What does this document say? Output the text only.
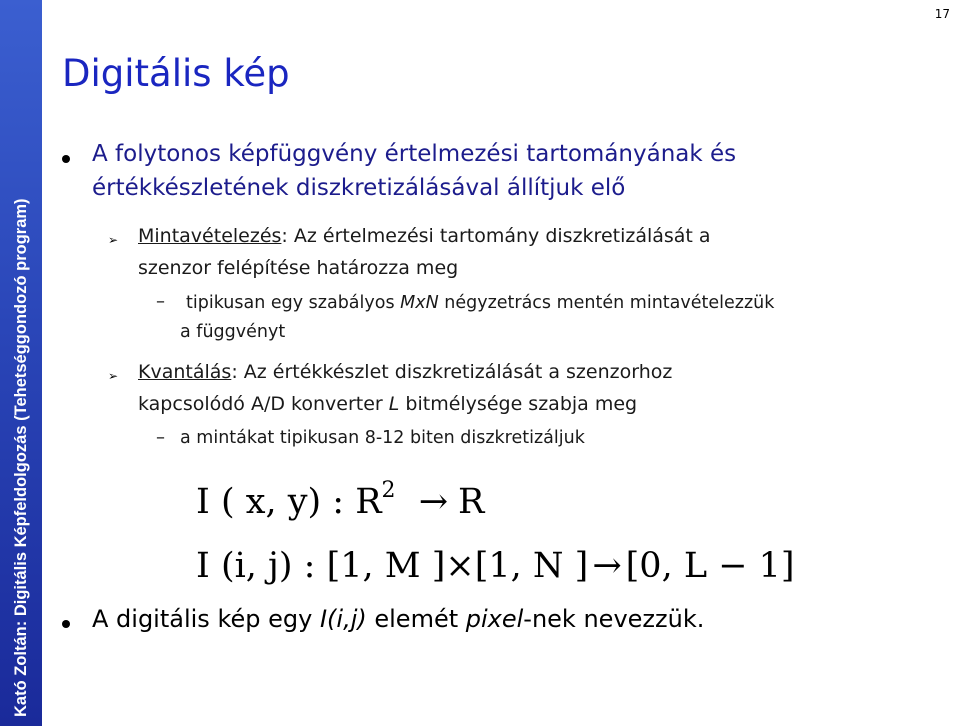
Kató Zoltán: Digitális Képfeldolgozás (Tehetséggondozó program)
17
Digitális kép
A folytonos képfüggvény értelmezési tartományának és
értékkészletének diszkretizálásával állítjuk elő
➢ Mintavételezés: Az értelmezési tartomány diszkretizálását a
szenzor felépítése határozza meg
– tipikusan egy szabályos MxN négyzetrács mentén mintavételezzük
a függvényt
➢ Kvantálás: Az értékkészlet diszkretizálását a szenzorhoz
kapcsolódó A/D konverter L bitmélysége szabja meg
– a mintákat tipikusan 8-12 biten diszkretizáljuk
I ( x, y) : $R^2 \to R$
I (i, j) : [1, M ]×[1, N ] → [0, L − 1]
A digitális kép egy I(i,j) elemét pixel-nek nevezzük.
